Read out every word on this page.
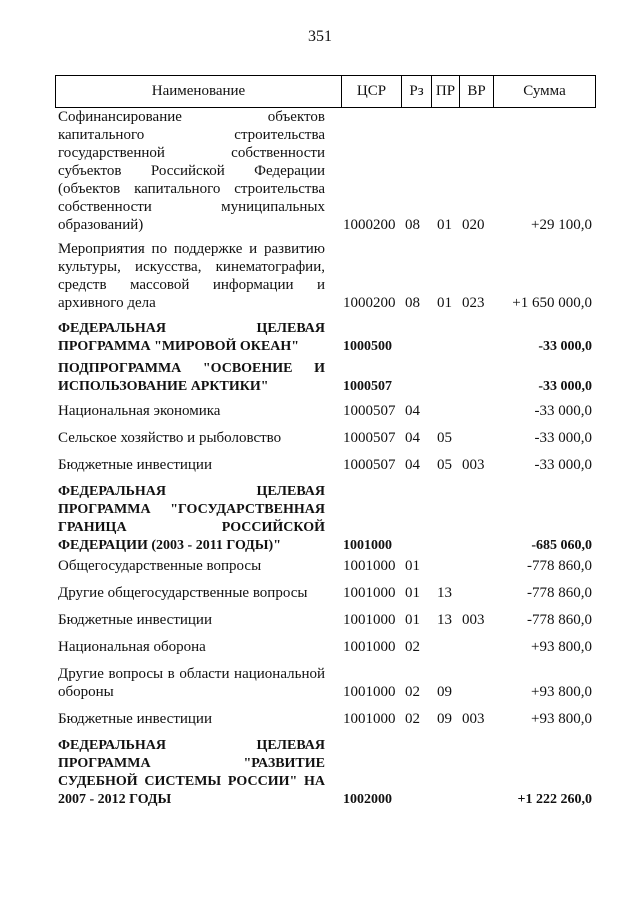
351
Наименование	ЦСР	Рз ПР ВР	Сумма
Софинансирование объектов
капитального строительства
государственной собственности
субъектов Российской Федерации
(объектов капитального строительства
собственности муниципальных
образований)	1000200 08 01 020	+29 100,0
Мероприятия по поддержке и развитию
культуры, искусства, кинематографии,
средств массовой информации и
архивного дела	1000200 08 01 023	+1 650 000,0
ФЕДЕРАЛЬНАЯ ЦЕЛЕВАЯ
ПРОГРАММА "МИРОВОЙ ОКЕАН"	1000500	-33 000,0
ПОДПРОГРАММА "ОСВОЕНИЕ И
ИСПОЛЬЗОВАНИЕ АРКТИКИ"	1000507	-33 000,0
Национальная экономика	1000507 04	-33 000,0
Сельское хозяйство и рыболовство	1000507 04 05	-33 000,0
Бюджетные инвестиции	1000507 04 05 003	-33 000,0
ФЕДЕРАЛЬНАЯ ЦЕЛЕВАЯ
ПРОГРАММА "ГОСУДАРСТВЕННАЯ
ГРАНИЦА РОССИЙСКОЙ
ФЕДЕРАЦИИ (2003 - 2011 ГОДЫ)"	1001000	-685 060,0
Общегосударственные вопросы	1001000 01	-778 860,0
Другие общегосударственные вопросы	1001000 01 13	-778 860,0
Бюджетные инвестиции	1001000 01 13 003	-778 860,0
Национальная оборона	1001000 02	+93 800,0
Другие вопросы в области национальной
обороны	1001000 02 09	+93 800,0
Бюджетные инвестиции	1001000 02 09 003	+93 800,0
ФЕДЕРАЛЬНАЯ ЦЕЛЕВАЯ
ПРОГРАММА "РАЗВИТИЕ
СУДЕБНОЙ СИСТЕМЫ РОССИИ" НА
2007 - 2012 ГОДЫ	1002000	+1 222 260,0
